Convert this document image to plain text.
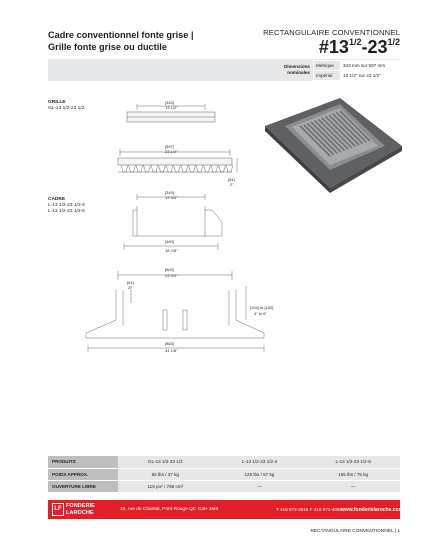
Cadre conventionnel fonte grise |
Grille fonte grise ou ductile
RECTANGULAIRE CONVENTIONNEL
$\#13^{1/2}-23^{1/2}$
Dimensions nominales
Métrique	343 mm sur 597 mm
Impérial	13 1/2" sur 23 1/2"
GRILLE
GL-13 1/2-23 1/2
CADRE
L-13 1/2-23 1/2-4
L-13 1/2-23 1/2-6
[343]
13 1/2"
[597]
23 1/2"
[51]
2"
[349]
13 3/4"
[480]
18 7/8"
[603]
23 3/4"
[51]
2"
[104] to [152]
4" to 6"
[863]
34 1/8"
PRODUITS	GL-13 1/2-23 1/2	L-13 1/2-23 1/2-4	L-13 1/2-23 1/2-6
POIDS APPROX.	82 lbs / 37 kg	125 lbs / 57 kg	165 lbs / 75 kg
OUVERTURE LIBRE	119 po² / 768 cm²	—	—
LF FONDERIE
LAROCHE	19, rue de Chantal, Pont-Rouge QC G3H 3M4	T 418 873-2516 F 418 873-4669
www.fonderielaroche.com
RECTANGULAIRE CONVENTIONNEL | 1
